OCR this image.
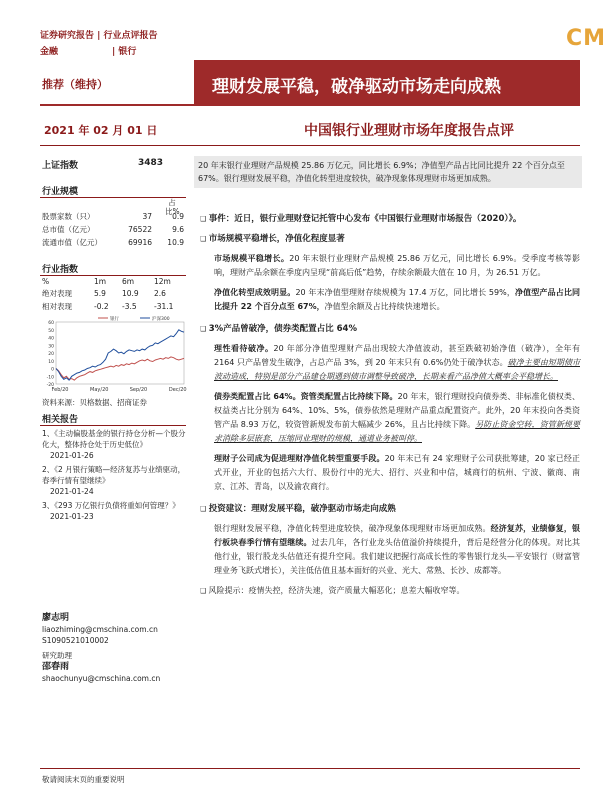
证券研究报告 | 行业点评报告
金融	| 银行
CM
推荐（维持）	理财发展平稳，破净驱动市场走向成熟
2021 年 02 月 01 日	中国银行业理财市场年度报告点评
上证指数	3483
行业规模
占比%
股票家数（只）	37	0.9
总市值（亿元）	76522	9.6
流通市值（亿元）	69916	10.9
行业指数
%	1m	6m	12m
绝对表现	5.9	10.9	2.6
相对表现	-0.2	-3.5	-31.1
60
50
40
30
20
10
0
-10
-20
Feb/20	May/20	Sep/20	Dec/20
银行	沪深300
资料来源：贝格数据、招商证券
相关报告
1、《主动偏股基金的银行持仓分析—个股分化大，整体持仓处于历史低位》
2021-01-26
2、《2 月银行策略—经济复苏与业绩驱动，春季行情有望继续》
2021-01-24
3、《293 万亿银行负债将重如何管理？》
2021-01-23
廖志明
liaozhiming@cmschina.com.cn
S1090521010002
研究助理
邵春雨
shaochunyu@cmschina.com.cn
20 年末银行业理财产品规模 25.86 万亿元，同比增长 6.9%；净值型产品占比同比提升 22 个百分点至 67%。银行理财发展平稳，净值化转型进度较快，破净现象体现理财市场更加成熟。
❑ 事件：近日，银行业理财登记托管中心发布《中国银行业理财市场报告（2020）》。
❑ 市场规模平稳增长，净值化程度显著
市场规模平稳增长。20 年末银行业理财产品规模 25.86 万亿元，同比增长 6.9%。受季度考核等影响，理财产品余额在季度内呈现“前高后低”趋势，存续余额最大值在 10 月，为 26.51 万亿。
净值化转型成效明显。20 年末净值型理财存续规模为 17.4 万亿，同比增长 59%，净值型产品占比同比提升 22 个百分点至 67%，净值型余额及占比持续快速增长。
❑ 3%产品曾破净，债券类配置占比 64%
理性看待破净。20 年部分净值型理财产品出现较大净值波动，甚至跌破初始净值（破净），全年有 2164 只产品曾发生破净，占总产品 3%，到 20 年末只有 0.6%仍处于破净状态。破净主要由短期债市波动造成，特别是部分产品建仓期遇到债市调整导致破净，长期来看产品净值大概率会平稳增长。
债券类配置占比 64%。资管类配置占比持续下降。20 年末，银行理财投向债券类、非标准化债权类、权益类占比分别为 64%、10%、5%，债券依然是理财产品重点配置资产。此外，20 年末投向各类资管产品 8.93 万亿，较资管新规发布前大幅减少 26%，且占比持续下降。另防止资金空转，资管新规要求消除多层嵌套，压缩同业理财的规模，通道业务被叫停。
理财子公司成为促进理财净值化转型重要手段。20 年末已有 24 家理财子公司获批筹建，20 家已经正式开业，开业的包括六大行、股份行中的光大、招行、兴业和中信，城商行的杭州、宁波、徽商、南京、江苏、青岛，以及渝农商行。
❑ 投资建议：理财发展平稳，破净驱动市场走向成熟
银行理财发展平稳，净值化转型进度较快，破净现象体现理财市场更加成熟。经济复苏，业绩修复，银行板块春季行情有望继续。过去几年，各行业龙头估值溢价持续提升，背后是经营分化的体现。对比其他行业，银行股龙头估值还有提升空间。我们建议把握行高成长性的零售银行龙头—平安银行（财富管理业务飞跃式增长），关注低估值且基本面好的兴业、光大、常熟、长沙、成都等。
❑ 风险提示：疫情失控，经济失速，资产质量大幅恶化；息差大幅收窄等。
敬请阅读末页的重要说明
